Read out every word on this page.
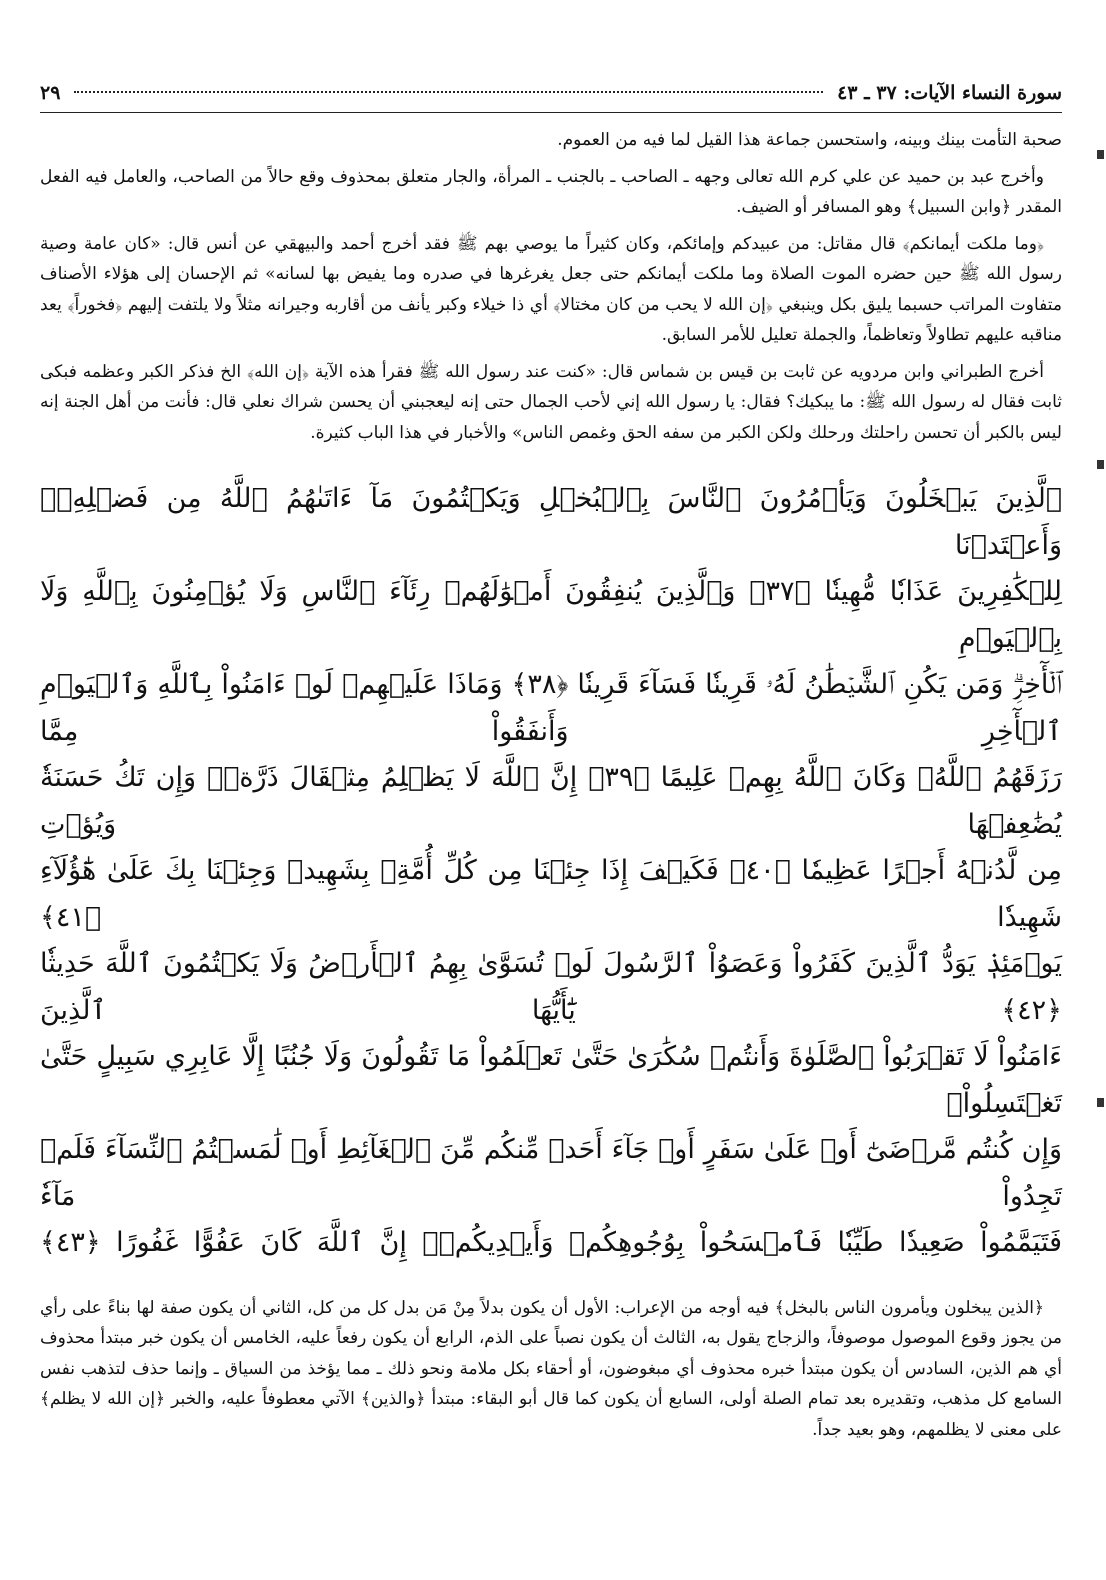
سورة النساء الآيات: ٣٧ ـ ٤٣
٢٩

صحبة التأمت بينك وبينه، واستحسن جماعة هذا القيل لما فيه من العموم.

وأخرج عبد بن حميد عن علي كرم الله تعالى وجهه ـ الصاحب ـ بالجنب ـ المرأة، والجار متعلق بمحذوف وقع حالاً من الصاحب، والعامل فيه الفعل المقدر ﴿وابن السبيل﴾ وهو المسافر أو الضيف.

﴿وما ملكت أيمانكم﴾ قال مقاتل: من عبيدكم وإمائكم، وكان كثيراً ما يوصي بهم ﷺ فقد أخرج أحمد والبيهقي عن أنس قال: «كان عامة وصية رسول الله ﷺ حين حضره الموت الصلاة وما ملكت أيمانكم حتى جعل يغرغرها في صدره وما يفيض بها لسانه» ثم الإحسان إلى هؤلاء الأصناف متفاوت المراتب حسبما يليق بكل وينبغي ﴿إن الله لا يحب من كان مختالا﴾ أي ذا خيلاء وكبر يأنف من أقاربه وجيرانه مثلاً ولا يلتفت إليهم ﴿فخوراً﴾ يعد مناقبه عليهم تطاولاً وتعاظماً، والجملة تعليل للأمر السابق.

أخرج الطبراني وابن مردويه عن ثابت بن قيس بن شماس قال: «كنت عند رسول الله ﷺ فقرأ هذه الآية ﴿إن الله﴾ الخ فذكر الكبر وعظمه فبكى ثابت فقال له رسول الله ﷺ: ما يبكيك؟ فقال: يا رسول الله إني لأحب الجمال حتى إنه ليعجبني أن يحسن شراك نعلي قال: فأنت من أهل الجنة إنه ليس بالكبر أن تحسن راحلتك ورحلك ولكن الكبر من سفه الحق وغمص الناس» والأخبار في هذا الباب كثيرة.

ٱلَّذِينَ يَبۡخَلُونَ وَيَأۡمُرُونَ ٱلنَّاسَ بِٱلۡبُخۡلِ وَيَكۡتُمُونَ مَآ ءَاتَىٰهُمُ ٱللَّهُ مِن فَضۡلِهِۦۗ وَأَعۡتَدۡنَا
لِلۡكَٰفِرِينَ عَذَابٗا مُّهِينٗا ﴿٣٧﴾ وَٱلَّذِينَ يُنفِقُونَ أَمۡوَٰلَهُمۡ رِئَآءَ ٱلنَّاسِ وَلَا يُؤۡمِنُونَ بِٱللَّهِ وَلَا بِٱلۡيَوۡمِ
ٱلۡأٓخِرِۗ وَمَن يَكُنِ ٱلشَّيۡطَٰنُ لَهُۥ قَرِينٗا فَسَآءَ قَرِينٗا ﴿٣٨﴾ وَمَاذَا عَلَيۡهِمۡ لَوۡ ءَامَنُواْ بِٱللَّهِ وَٱلۡيَوۡمِ ٱلۡأٓخِرِ وَأَنفَقُواْ مِمَّا
رَزَقَهُمُ ٱللَّهُۚ وَكَانَ ٱللَّهُ بِهِمۡ عَلِيمًا ﴿٣٩﴾ إِنَّ ٱللَّهَ لَا يَظۡلِمُ مِثۡقَالَ ذَرَّةٖۖ وَإِن تَكُ حَسَنَةٗ يُضَٰعِفۡهَا وَيُؤۡتِ
مِن لَّدُنۡهُ أَجۡرًا عَظِيمٗا ﴿٤٠﴾ فَكَيۡفَ إِذَا جِئۡنَا مِن كُلِّ أُمَّةِۭ بِشَهِيدٖ وَجِئۡنَا بِكَ عَلَىٰ هَٰٓؤُلَآءِ شَهِيدٗا ﴿٤١﴾
يَوۡمَئِذٖ يَوَدُّ ٱلَّذِينَ كَفَرُواْ وَعَصَوُاْ ٱلرَّسُولَ لَوۡ تُسَوَّىٰ بِهِمُ ٱلۡأَرۡضُ وَلَا يَكۡتُمُونَ ٱللَّهَ حَدِيثٗا ﴿٤٢﴾ يَٰٓأَيُّهَا ٱلَّذِينَ
ءَامَنُواْ لَا تَقۡرَبُواْ ٱلصَّلَوٰةَ وَأَنتُمۡ سُكَٰرَىٰ حَتَّىٰ تَعۡلَمُواْ مَا تَقُولُونَ وَلَا جُنُبًا إِلَّا عَابِرِي سَبِيلٍ حَتَّىٰ تَغۡتَسِلُواْۚ
وَإِن كُنتُم مَّرۡضَىٰٓ أَوۡ عَلَىٰ سَفَرٍ أَوۡ جَآءَ أَحَدٞ مِّنكُم مِّنَ ٱلۡغَآئِطِ أَوۡ لَٰمَسۡتُمُ ٱلنِّسَآءَ فَلَمۡ تَجِدُواْ مَآءٗ
فَتَيَمَّمُواْ صَعِيدٗا طَيِّبٗا فَٱمۡسَحُواْ بِوُجُوهِكُمۡ وَأَيۡدِيكُمۡۗ إِنَّ ٱللَّهَ كَانَ عَفُوًّا غَفُورًا ﴿٤٣﴾

﴿الذين يبخلون ويأمرون الناس بالبخل﴾ فيه أوجه من الإعراب: الأول أن يكون بدلاً مِنْ مَن بدل كل من كل، الثاني أن يكون صفة لها بناءً على رأي من يجوز وقوع الموصول موصوفاً، والزجاج يقول به، الثالث أن يكون نصباً على الذم، الرابع أن يكون رفعاً عليه، الخامس أن يكون خبر مبتدأ محذوف أي هم الذين، السادس أن يكون مبتدأ خبره محذوف أي مبغوضون، أو أحقاء بكل ملامة ونحو ذلك ـ مما يؤخذ من السياق ـ وإنما حذف لتذهب نفس السامع كل مذهب، وتقديره بعد تمام الصلة أولى، السابع أن يكون كما قال أبو البقاء: مبتدأ ﴿والذين﴾ الآتي معطوفاً عليه، والخبر ﴿إن الله لا يظلم﴾ على معنى لا يظلمهم، وهو بعيد جداً.
